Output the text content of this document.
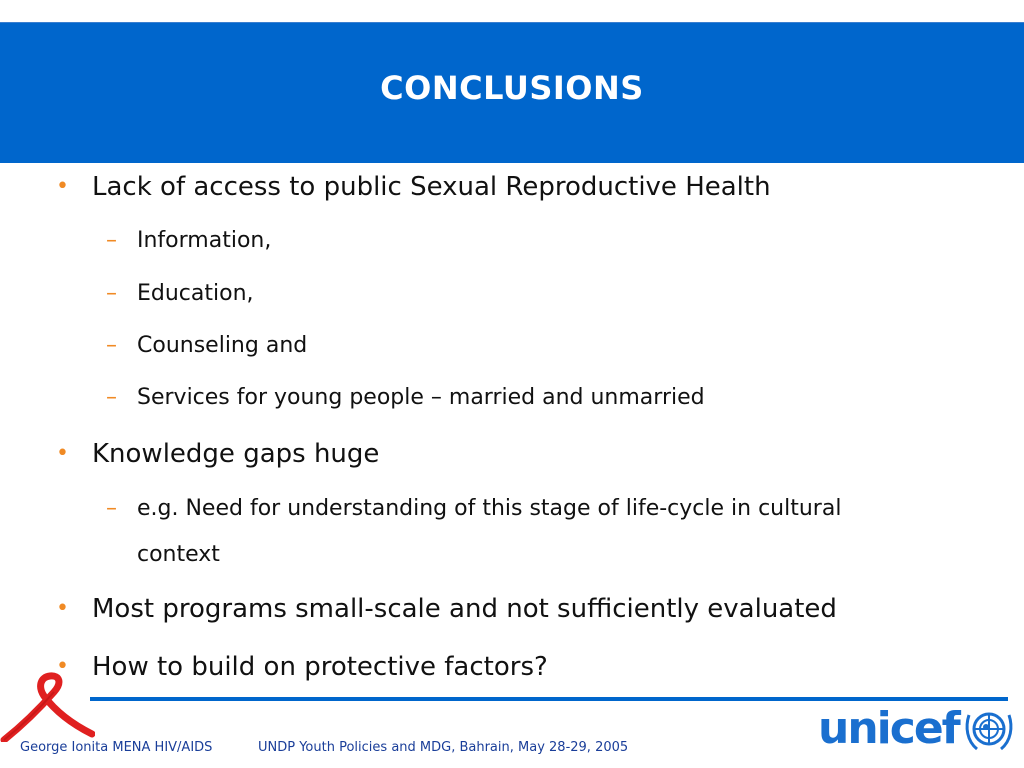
CONCLUSIONS
• Lack of access to public Sexual Reproductive Health
– Information,
– Education,
– Counseling and
– Services for young people – married and unmarried
• Knowledge gaps huge
– e.g. Need for understanding of this stage of life-cycle in cultural context
• Most programs small-scale and not sufficiently evaluated
• How to build on protective factors?
George Ionita MENA HIV/AIDS	UNDP Youth Policies and MDG, Bahrain, May 28-29, 2005	unicef
